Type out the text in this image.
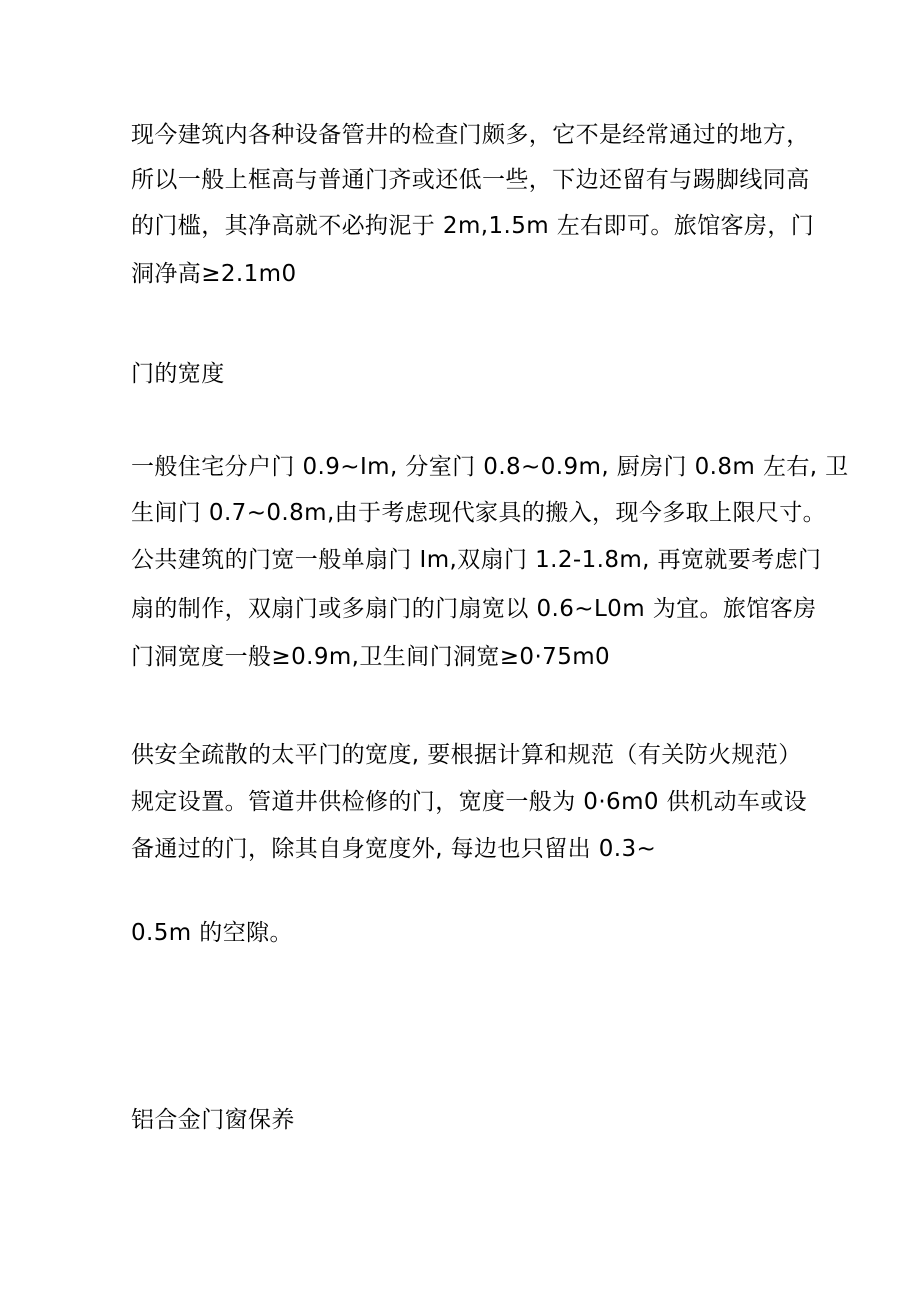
现今建筑内各种设备管井的检查门颇多，它不是经常通过的地方，
所以一般上框高与普通门齐或还低一些，下边还留有与踢脚线同高
的门槛，其净高就不必拘泥于 2m,1.5m 左右即可。旅馆客房，门
洞净高≥2.1m0
门的宽度
一般住宅分户门 0.9~Im, 分室门 0.8~0.9m, 厨房门 0.8m 左右, 卫
生间门 0.7~0.8m,由于考虑现代家具的搬入，现今多取上限尺寸。
公共建筑的门宽一般单扇门 Im,双扇门 1.2-1.8m, 再宽就要考虑门
扇的制作，双扇门或多扇门的门扇宽以 0.6~L0m 为宜。旅馆客房
门洞宽度一般≥0.9m,卫生间门洞宽≥0·75m0
供安全疏散的太平门的宽度, 要根据计算和规范（有关防火规范）
规定设置。管道井供检修的门，宽度一般为 0·6m0 供机动车或设
备通过的门，除其自身宽度外, 每边也只留出 0.3~
0.5m 的空隙。
铝合金门窗保养
